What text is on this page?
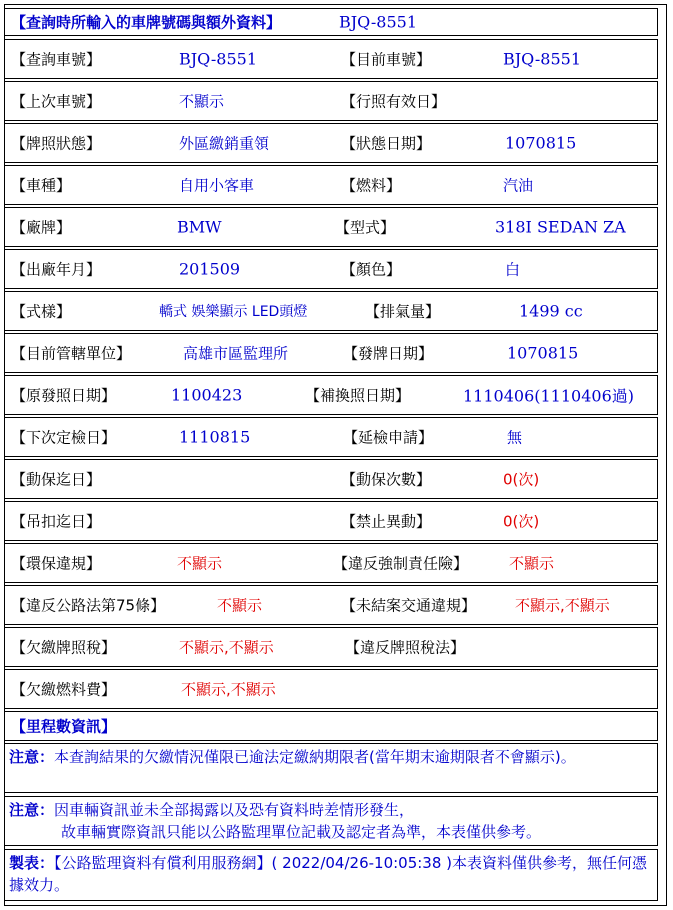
【查詢時所輸入的車牌號碼與額外資料】	BJQ-8551
【查詢車號】	BJQ-8551	【目前車號】	BJQ-8551
【上次車號】	不顯示	【行照有效日】
【牌照狀態】	外區繳銷重領	【狀態日期】	1070815
【車種】	自用小客車	【燃料】	汽油
【廠牌】	BMW	【型式】	318I SEDAN ZA
【出廠年月】	201509	【顏色】	白
【式樣】	轎式 娛樂顯示 LED頭燈	【排氣量】	1499 cc
【目前管轄單位】	高雄市區監理所	【發牌日期】	1070815
【原發照日期】	1100423	【補換照日期】	1110406(1110406過)
【下次定檢日】	1110815	【延檢申請】	無
【動保迄日】	【動保次數】	0(次)
【吊扣迄日】	【禁止異動】	0(次)
【環保違規】	不顯示	【違反強制責任險】	不顯示
【違反公路法第75條】	不顯示	【未結案交通違規】	不顯示,不顯示
【欠繳牌照稅】	不顯示,不顯示	【違反牌照稅法】
【欠繳燃料費】	不顯示,不顯示
【里程數資訊】
注意：本查詢結果的欠繳情況僅限已逾法定繳納期限者(當年期末逾期限者不會顯示)。
注意：因車輛資訊並未全部揭露以及恐有資料時差情形發生，
故車輛實際資訊只能以公路監理單位記載及認定者為準，本表僅供參考。
製表：【公路監理資料有償利用服務網】( 2022/04/26-10:05:38 )本表資料僅供參考，無任何憑據效力。
